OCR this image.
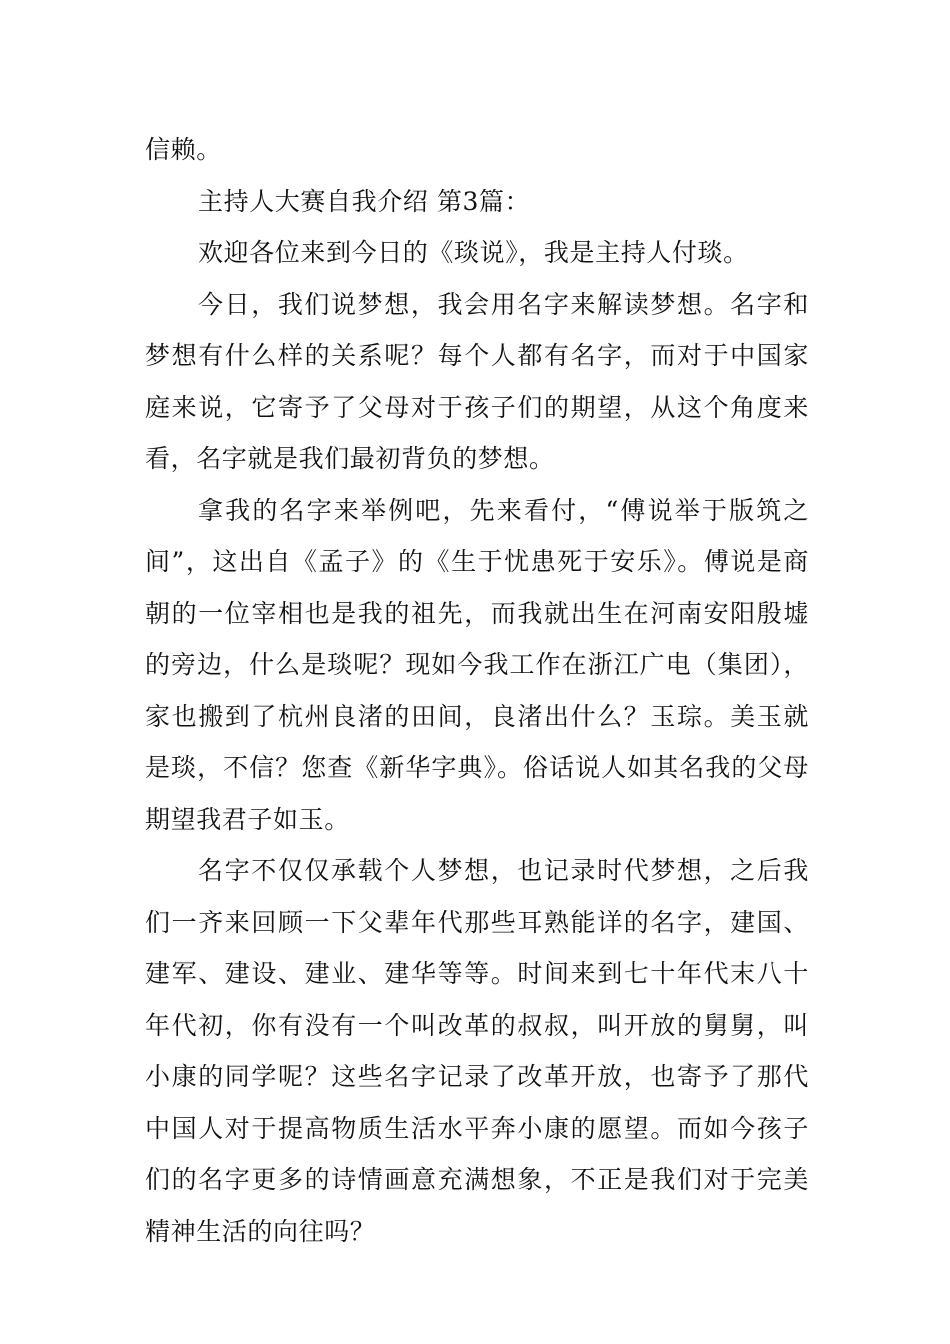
信赖。

主持人大赛自我介绍 第3篇：

欢迎各位来到今日的《琰说》，我是主持人付琰。

今日，我们说梦想，我会用名字来解读梦想。名字和梦想有什么样的关系呢？每个人都有名字，而对于中国家庭来说，它寄予了父母对于孩子们的期望，从这个角度来看，名字就是我们最初背负的梦想。

拿我的名字来举例吧，先来看付，“傅说举于版筑之间”，这出自《孟子》的《生于忧患死于安乐》。傅说是商朝的一位宰相也是我的祖先，而我就出生在河南安阳殷墟的旁边，什么是琰呢？现如今我工作在浙江广电（集团），家也搬到了杭州良渚的田间，良渚出什么？玉琮。美玉就是琰，不信？您查《新华字典》。俗话说人如其名我的父母期望我君子如玉。

名字不仅仅承载个人梦想，也记录时代梦想，之后我们一齐来回顾一下父辈年代那些耳熟能详的名字，建国、建军、建设、建业、建华等等。时间来到七十年代末八十年代初，你有没有一个叫改革的叔叔，叫开放的舅舅，叫小康的同学呢？这些名字记录了改革开放，也寄予了那代中国人对于提高物质生活水平奔小康的愿望。而如今孩子们的名字更多的诗情画意充满想象，不正是我们对于完美精神生活的向往吗？
